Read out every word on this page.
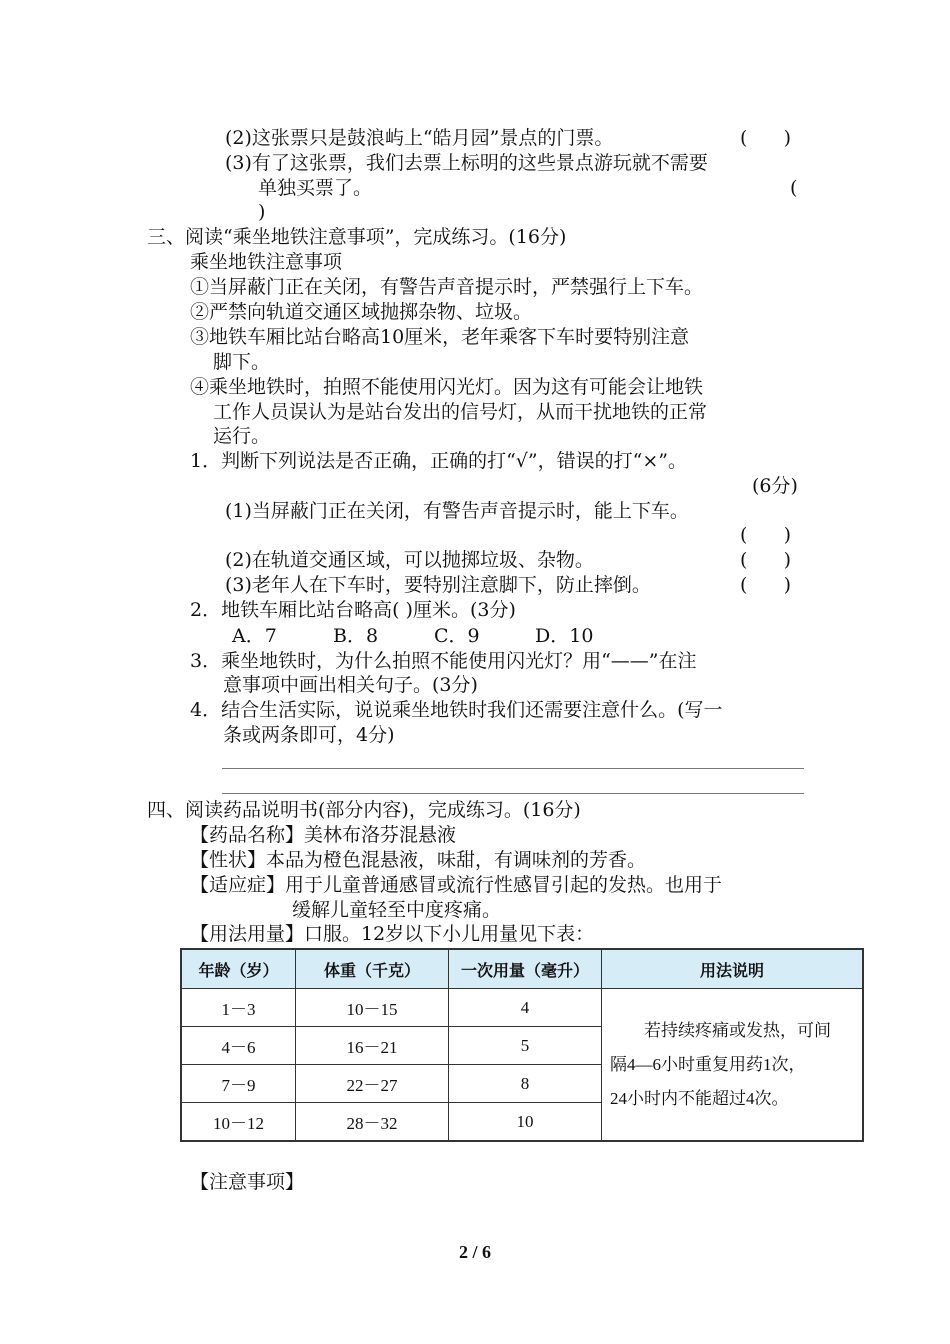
(2)这张票只是鼓浪屿上“皓月园”景点的门票。	(      )
(3)有了这张票，我们去票上标明的这些景点游玩就不需要
单独买票了。	(
)
三、阅读“乘坐地铁注意事项”，完成练习。(16分)
乘坐地铁注意事项
①当屏蔽门正在关闭，有警告声音提示时，严禁强行上下车。
②严禁向轨道交通区域抛掷杂物、垃圾。
③地铁车厢比站台略高10厘米，老年乘客下车时要特别注意
脚下。
④乘坐地铁时，拍照不能使用闪光灯。因为这有可能会让地铁
工作人员误认为是站台发出的信号灯，从而干扰地铁的正常
运行。
1．判断下列说法是否正确，正确的打“√”，错误的打“×”。
(6分)
(1)当屏蔽门正在关闭，有警告声音提示时，能上下车。
(      )
(2)在轨道交通区域，可以抛掷垃圾、杂物。	(      )
(3)老年人在下车时，要特别注意脚下，防止摔倒。	(      )
2．地铁车厢比站台略高( )厘米。(3分)
A．7	B．8	C．9	D．10
3．乘坐地铁时，为什么拍照不能使用闪光灯？用“——”在注
意事项中画出相关句子。(3分)
4．结合生活实际，说说乘坐地铁时我们还需要注意什么。(写一
条或两条即可，4分)
四、阅读药品说明书(部分内容)，完成练习。(16分)
【药品名称】美林布洛芬混悬液
【性状】本品为橙色混悬液，味甜，有调味剂的芳香。
【适应症】用于儿童普通感冒或流行性感冒引起的发热。也用于
缓解儿童轻至中度疼痛。
【用法用量】口服。12岁以下小儿用量见下表：
年龄（岁）	体重（千克）	一次用量（毫升）	用法说明
1－3	10－15	4	若持续疼痛或发热，可间
隔4—6小时重复用药1次，
24小时内不能超过4次。

4－6	16－21	5	
7－9	22－27	8	
10－12	28－32	10	
【注意事项】
2 / 6
